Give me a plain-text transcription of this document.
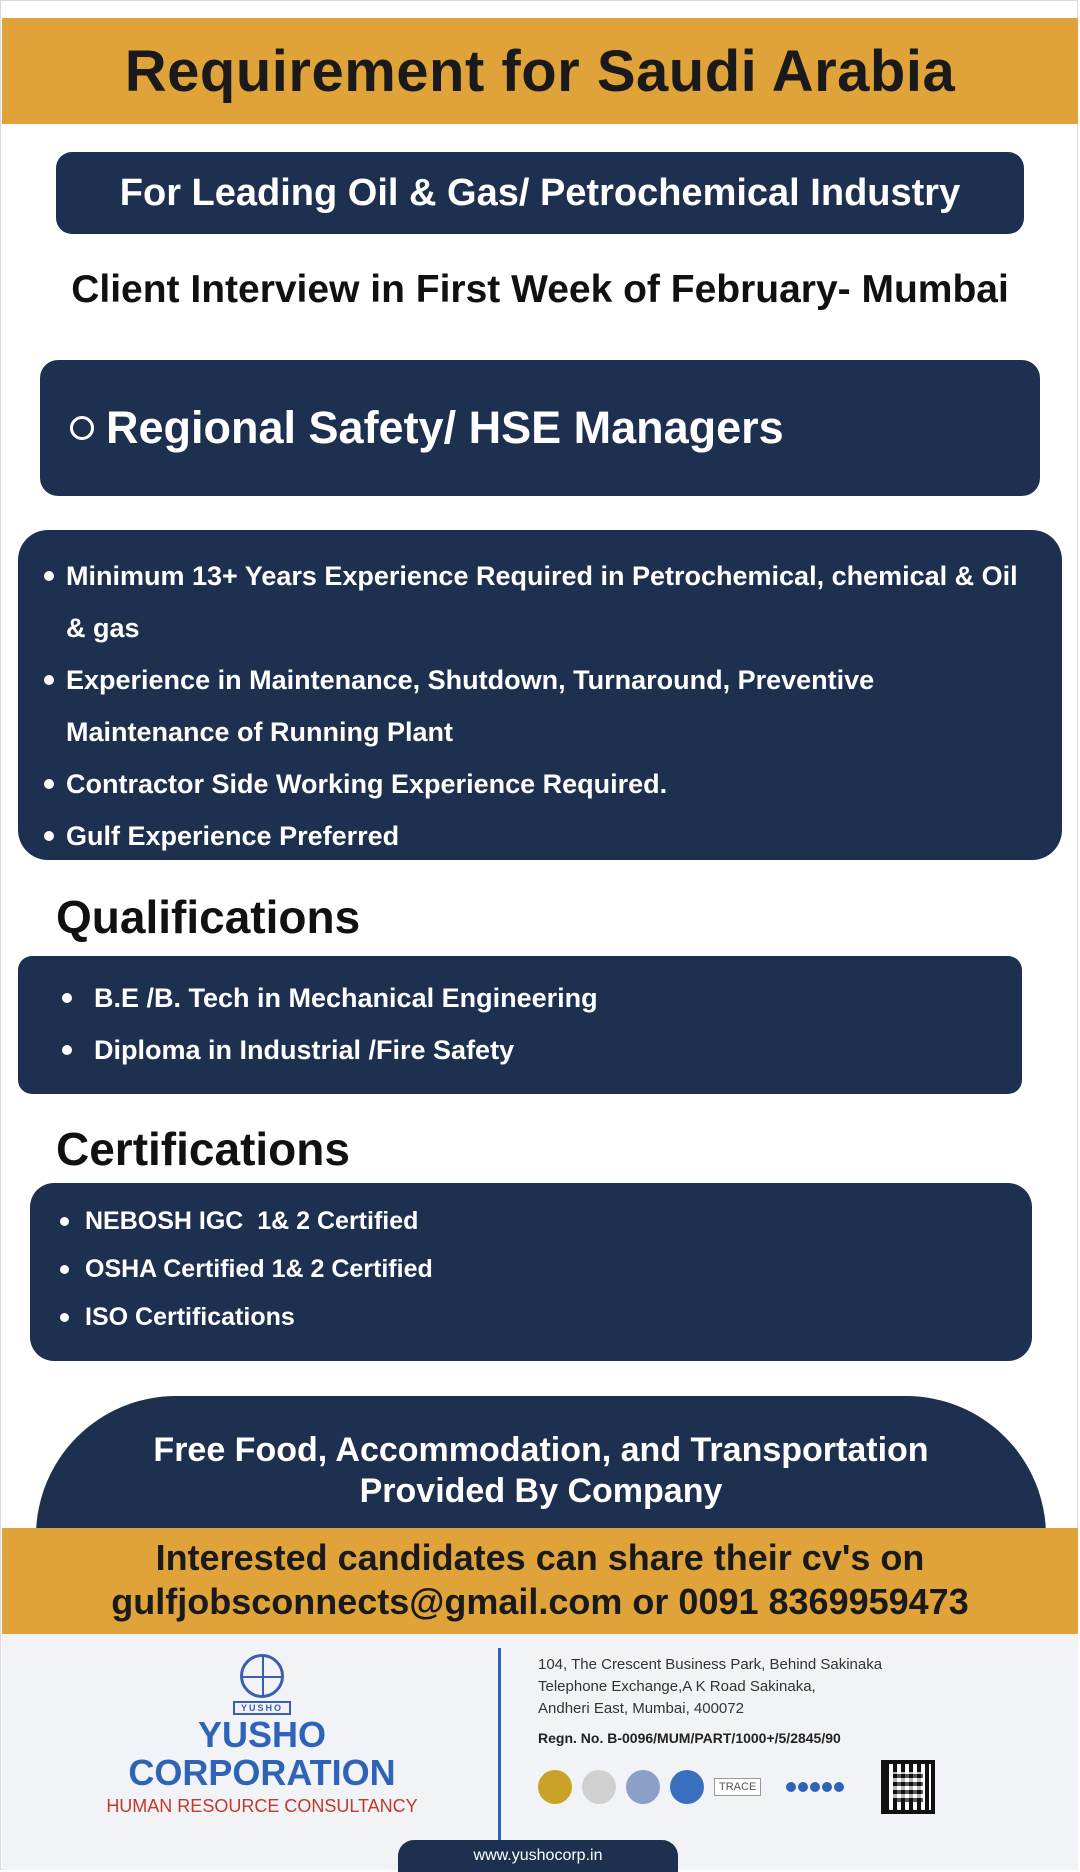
Requirement for Saudi Arabia
For Leading Oil & Gas/ Petrochemical Industry
Client Interview in First Week of February- Mumbai
Regional Safety/ HSE Managers
Minimum 13+ Years Experience Required in Petrochemical, chemical & Oil & gas
Experience in Maintenance, Shutdown, Turnaround, Preventive Maintenance of Running Plant
Contractor Side Working Experience Required.
Gulf Experience Preferred
Qualifications
B.E /B. Tech in Mechanical Engineering
Diploma in Industrial /Fire Safety
Certifications
NEBOSH IGC  1& 2 Certified
OSHA Certified 1& 2 Certified
ISO Certifications
Free Food, Accommodation, and Transportation
Provided By Company
Interested candidates can share their cv's on
gulfjobsconnects@gmail.com or 0091 8369959473
YUSHO
YUSHO
CORPORATION
HUMAN RESOURCE CONSULTANCY
104, The Crescent Business Park, Behind Sakinaka
Telephone Exchange,A K Road Sakinaka,
Andheri East, Mumbai, 400072
Regn. No. B-0096/MUM/PART/1000+/5/2845/90
TRACE
www.yushocorp.in
